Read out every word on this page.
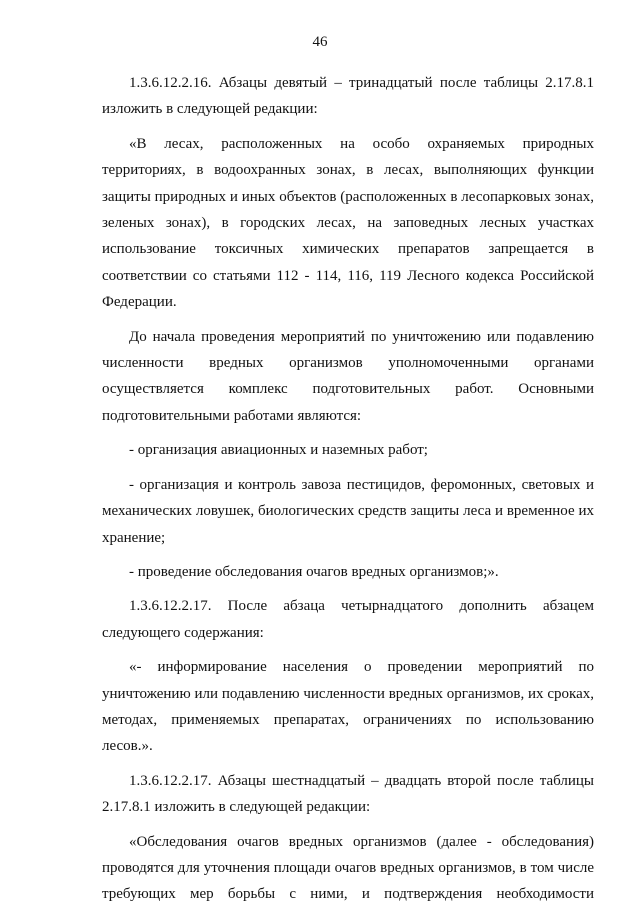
46

1.3.6.12.2.16. Абзацы девятый – тринадцатый после таблицы 2.17.8.1 изложить в следующей редакции:

«В лесах, расположенных на особо охраняемых природных территориях, в водоохранных зонах, в лесах, выполняющих функции защиты природных и иных объектов (расположенных в лесопарковых зонах, зеленых зонах), в городских лесах, на заповедных лесных участках использование токсичных химических препаратов запрещается в соответствии со статьями 112 - 114, 116, 119 Лесного кодекса Российской Федерации.

До начала проведения мероприятий по уничтожению или подавлению численности вредных организмов уполномоченными органами осуществляется комплекс подготовительных работ. Основными подготовительными работами являются:

- организация авиационных и наземных работ;

- организация и контроль завоза пестицидов, феромонных, световых и механических ловушек, биологических средств защиты леса и временное их хранение;

- проведение обследования очагов вредных организмов;».

1.3.6.12.2.17. После абзаца четырнадцатого дополнить абзацем следующего содержания:

«- информирование населения о проведении мероприятий по уничтожению или подавлению численности вредных организмов, их сроках, методах, применяемых препаратах, ограничениях по использованию лесов.».

1.3.6.12.2.17. Абзацы шестнадцатый – двадцать второй после таблицы 2.17.8.1 изложить в следующей редакции:

«Обследования очагов вредных организмов (далее - обследования) проводятся для уточнения площади очагов вредных организмов, в том числе требующих мер борьбы с ними, и подтверждения необходимости
